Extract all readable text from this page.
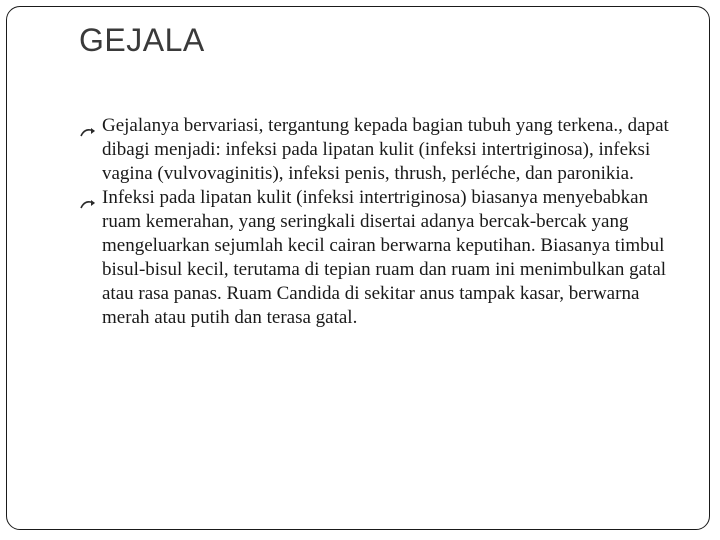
GEJALA

Gejalanya bervariasi, tergantung kepada bagian tubuh yang terkena., dapat dibagi menjadi: infeksi pada lipatan kulit (infeksi intertriginosa), infeksi vagina (vulvovaginitis), infeksi penis, thrush, perléche, dan paronikia.

Infeksi pada lipatan kulit (infeksi intertriginosa) biasanya menyebabkan ruam kemerahan, yang seringkali disertai adanya bercak-bercak yang mengeluarkan sejumlah kecil cairan berwarna keputihan. Biasanya timbul bisul-bisul kecil, terutama di tepian ruam dan ruam ini menimbulkan gatal atau rasa panas. Ruam Candida di sekitar anus tampak kasar, berwarna merah atau putih dan terasa gatal.
